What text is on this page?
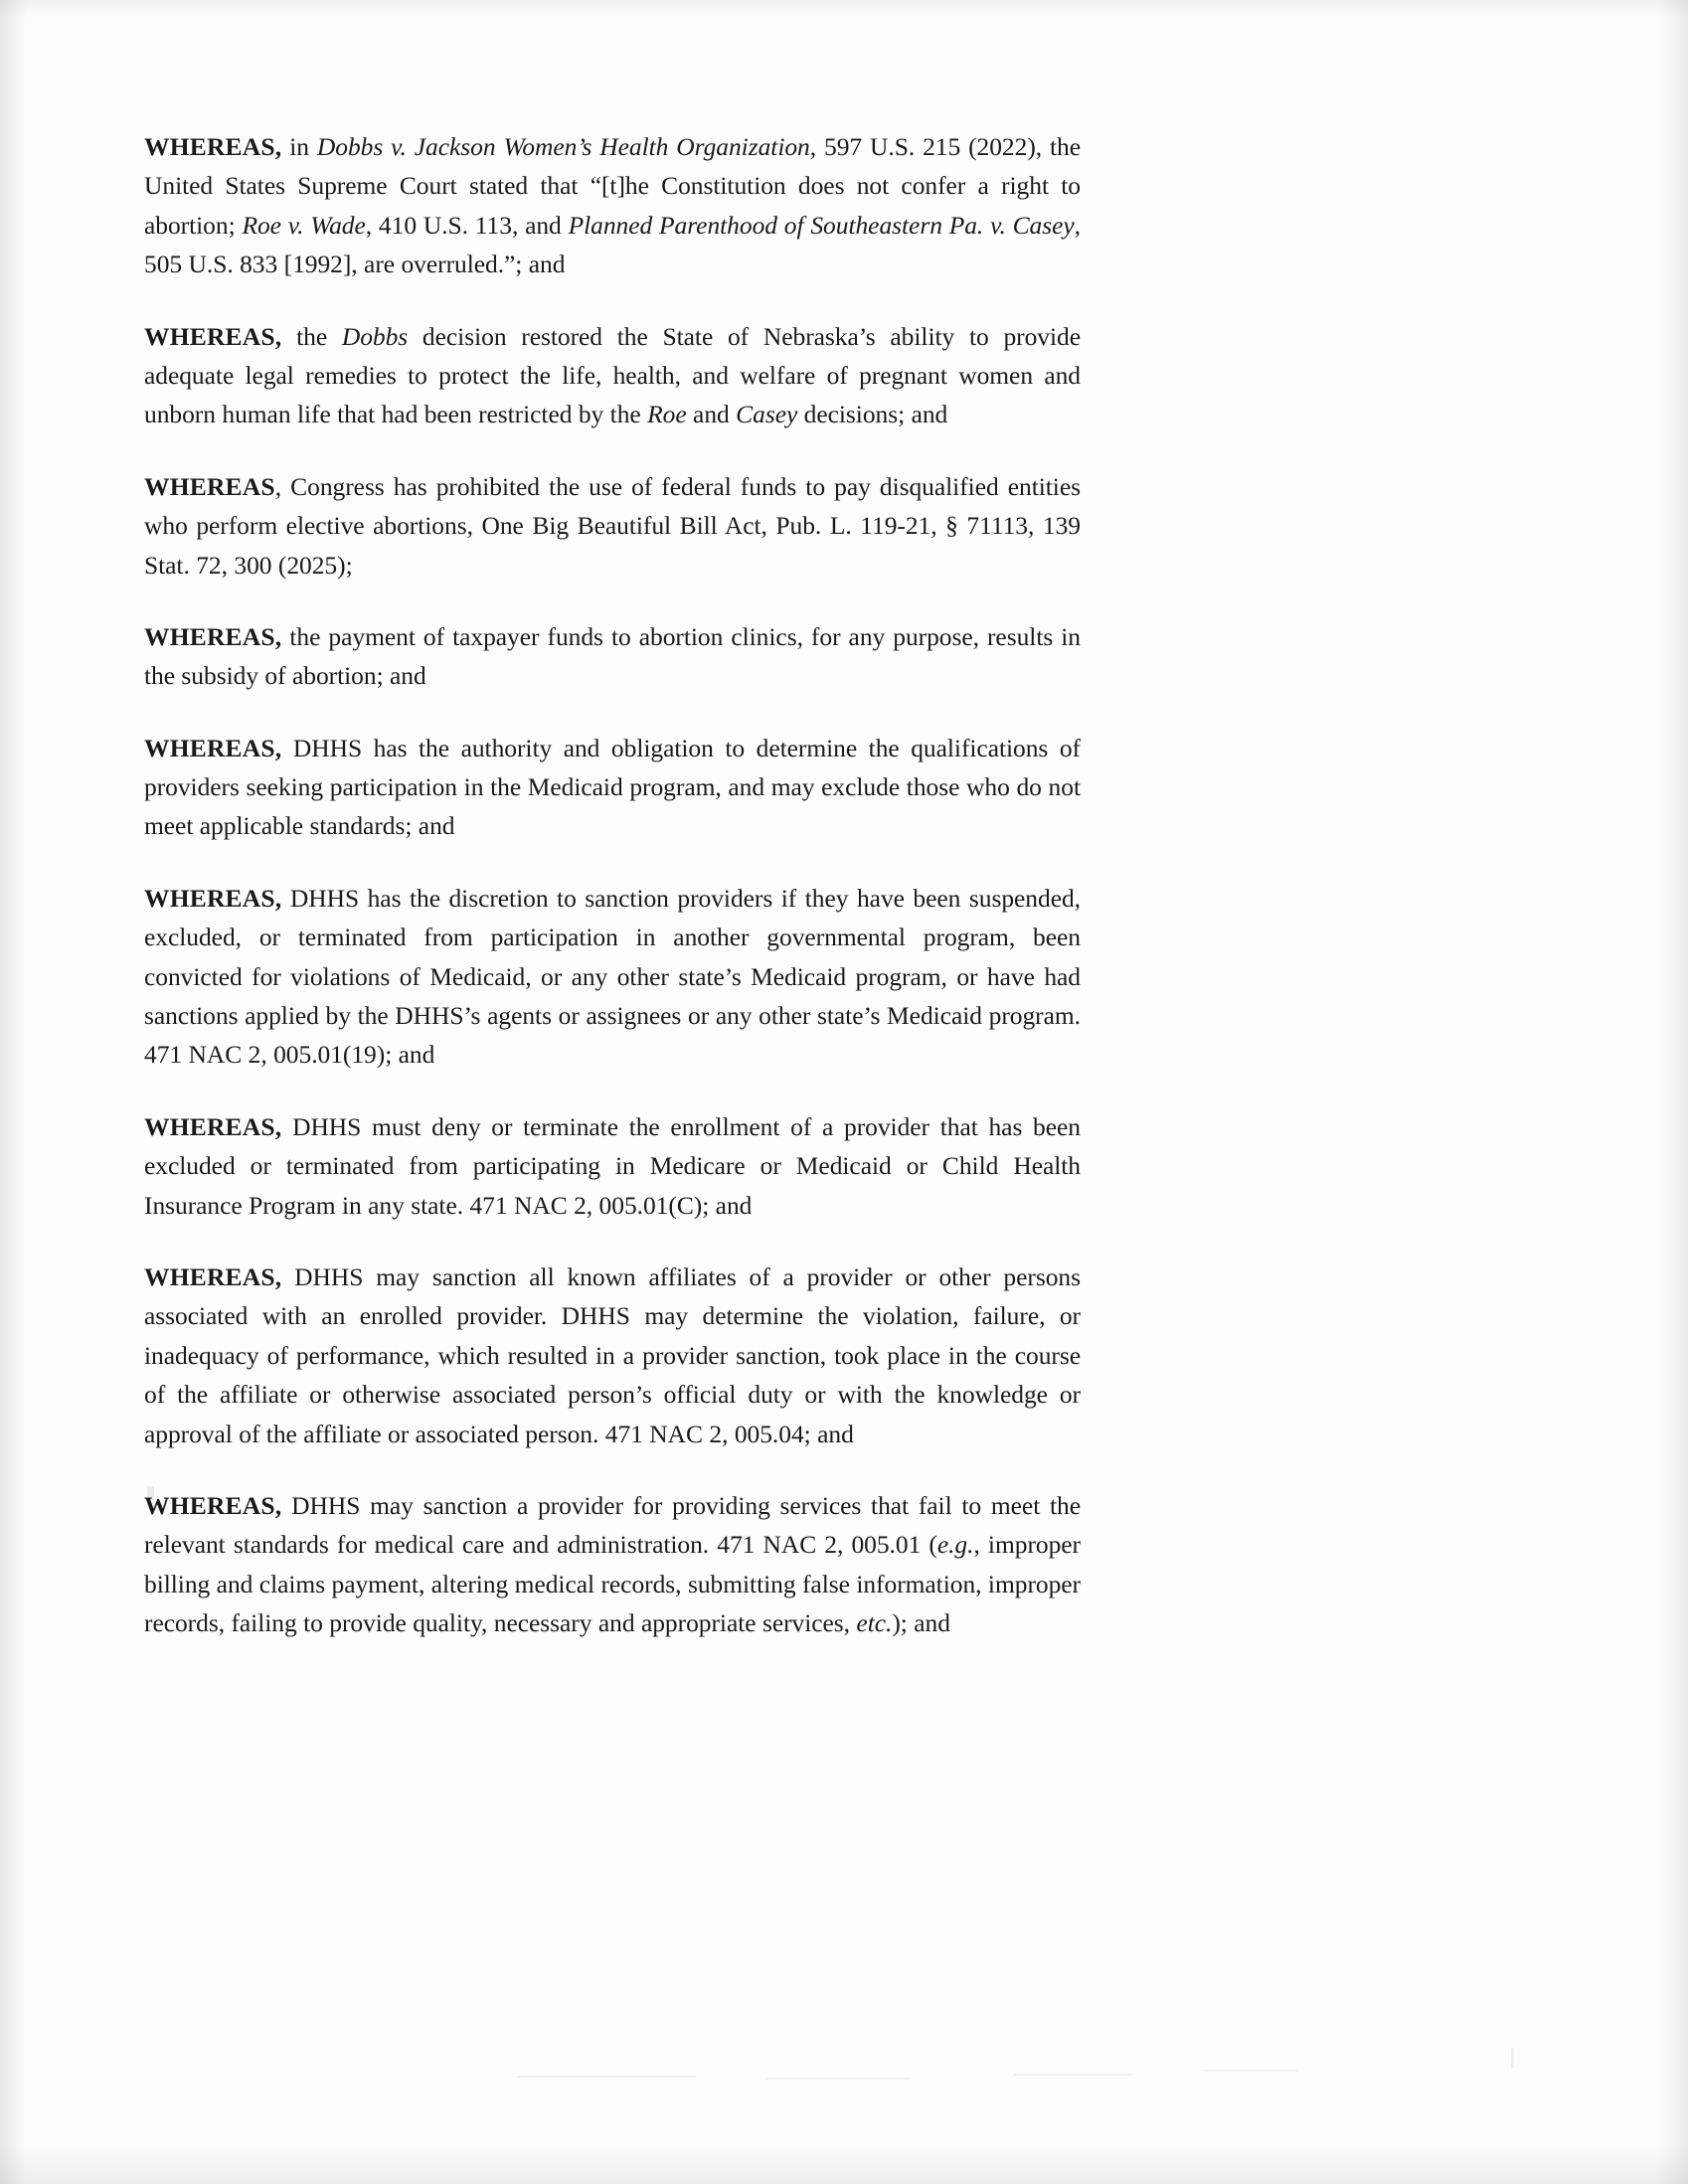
WHEREAS, in Dobbs v. Jackson Women’s Health Organization, 597 U.S. 215 (2022), the United States Supreme Court stated that “[t]he Constitution does not confer a right to abortion; Roe v. Wade, 410 U.S. 113, and Planned Parenthood of Southeastern Pa. v. Casey, 505 U.S. 833 [1992], are overruled.”; and

WHEREAS, the Dobbs decision restored the State of Nebraska’s ability to provide adequate legal remedies to protect the life, health, and welfare of pregnant women and unborn human life that had been restricted by the Roe and Casey decisions; and

WHEREAS, Congress has prohibited the use of federal funds to pay disqualified entities who perform elective abortions, One Big Beautiful Bill Act, Pub. L. 119-21, § 71113, 139 Stat. 72, 300 (2025);

WHEREAS, the payment of taxpayer funds to abortion clinics, for any purpose, results in the subsidy of abortion; and

WHEREAS, DHHS has the authority and obligation to determine the qualifications of providers seeking participation in the Medicaid program, and may exclude those who do not meet applicable standards; and

WHEREAS, DHHS has the discretion to sanction providers if they have been suspended, excluded, or terminated from participation in another governmental program, been convicted for violations of Medicaid, or any other state’s Medicaid program, or have had sanctions applied by the DHHS’s agents or assignees or any other state’s Medicaid program. 471 NAC 2, 005.01(19); and

WHEREAS, DHHS must deny or terminate the enrollment of a provider that has been excluded or terminated from participating in Medicare or Medicaid or Child Health Insurance Program in any state. 471 NAC 2, 005.01(C); and

WHEREAS, DHHS may sanction all known affiliates of a provider or other persons associated with an enrolled provider. DHHS may determine the violation, failure, or inadequacy of performance, which resulted in a provider sanction, took place in the course of the affiliate or otherwise associated person’s official duty or with the knowledge or approval of the affiliate or associated person. 471 NAC 2, 005.04; and

WHEREAS, DHHS may sanction a provider for providing services that fail to meet the relevant standards for medical care and administration. 471 NAC 2, 005.01 (e.g., improper billing and claims payment, altering medical records, submitting false information, improper records, failing to provide quality, necessary and appropriate services, etc.); and
